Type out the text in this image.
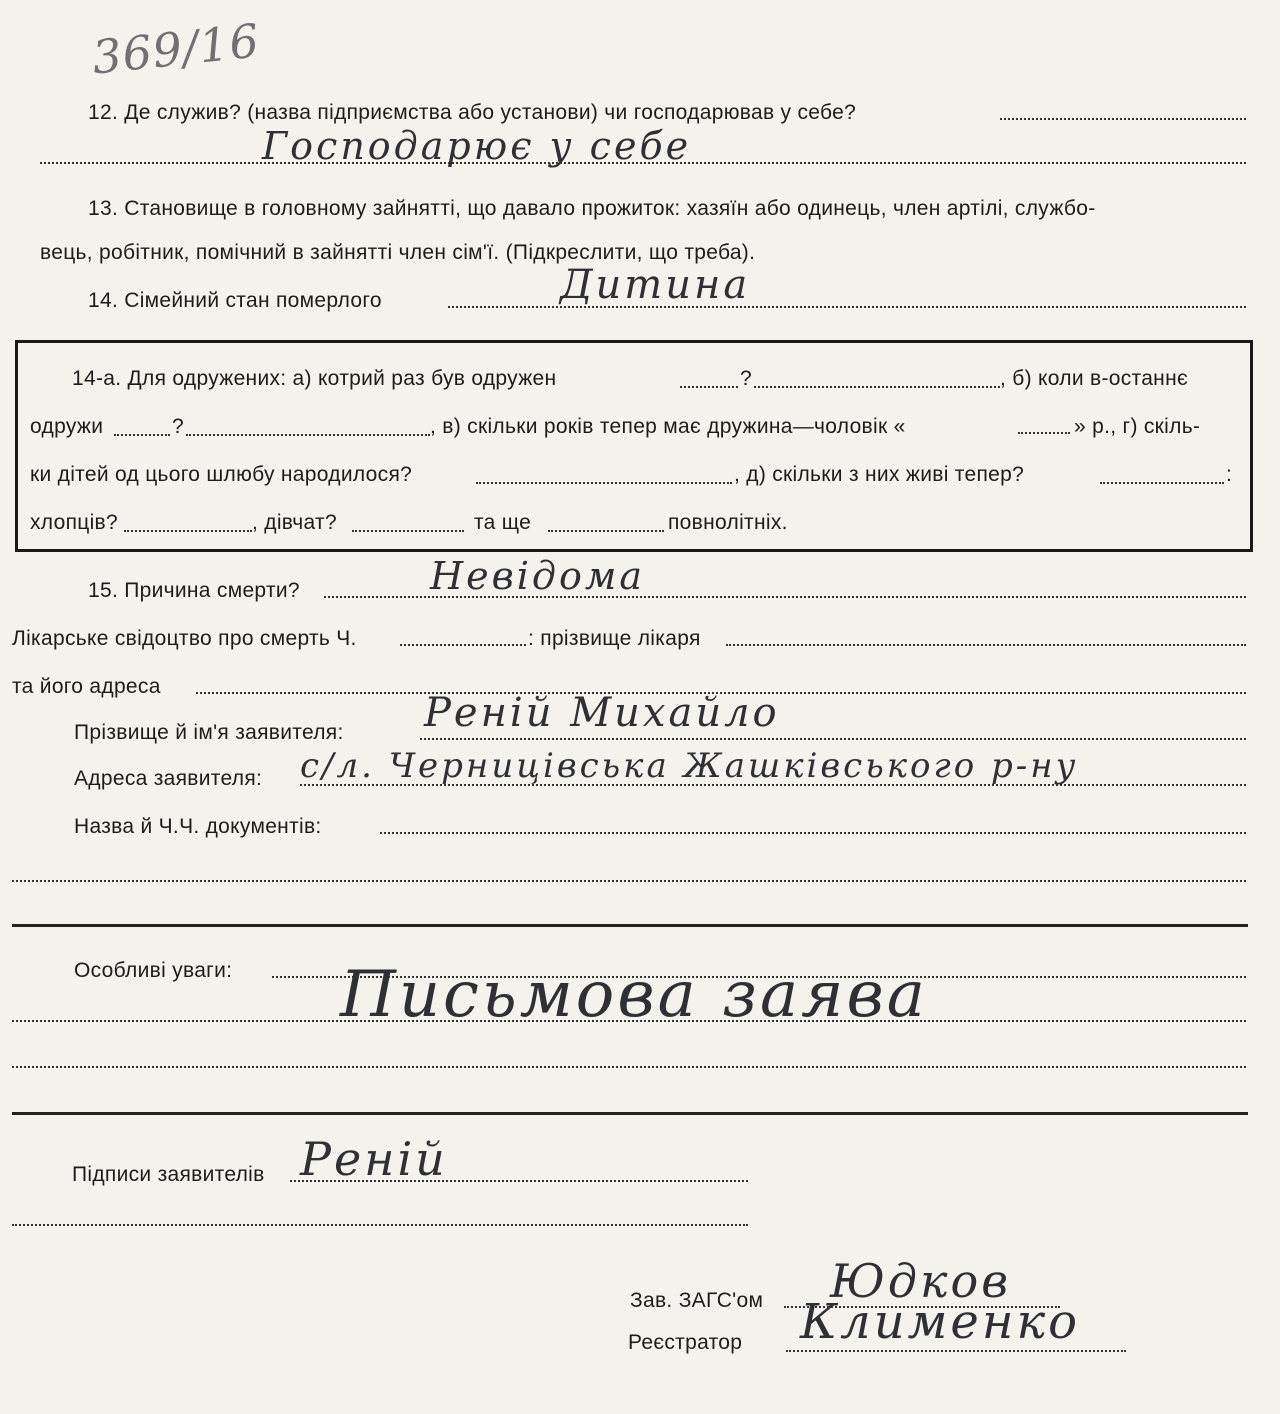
369/16
12. Де служив? (назва підприємства або установи) чи господарював у себе?
Господарює у себе
13. Становище в головному зайнятті, що давало прожиток: хазяїн або одинець, член артілі, службо-
вець, робітник, помічний в зайнятті член сім'ї. (Підкреслити, що треба).
14. Сімейний стан померлого	Дитина
14-а. Для одружених: а) котрий раз був одружен	?	, б) коли в-останнє
одружи	?	, в) скільки років тепер має дружина—чоловік «	» р., г) скіль-
ки дітей од цього шлюбу народилося?	, д) скільки з них живі тепер?	:
хлопців?	, дівчат?	та ще	повнолітніх.
15. Причина смерти?	Невідома
Лікарське свідоцтво про смерть Ч.	: прізвище лікаря
та його адреса
Прізвище й ім'я заявителя: Реній Михайло
Адреса заявителя: с/л. Черницівська Жашківського р-ну
Назва й Ч.Ч. документів:
Особливі уваги: Письмова заява
Підписи заявителів Реній
Зав. ЗАГС'ом Юдков
Реєстратор Клименко
